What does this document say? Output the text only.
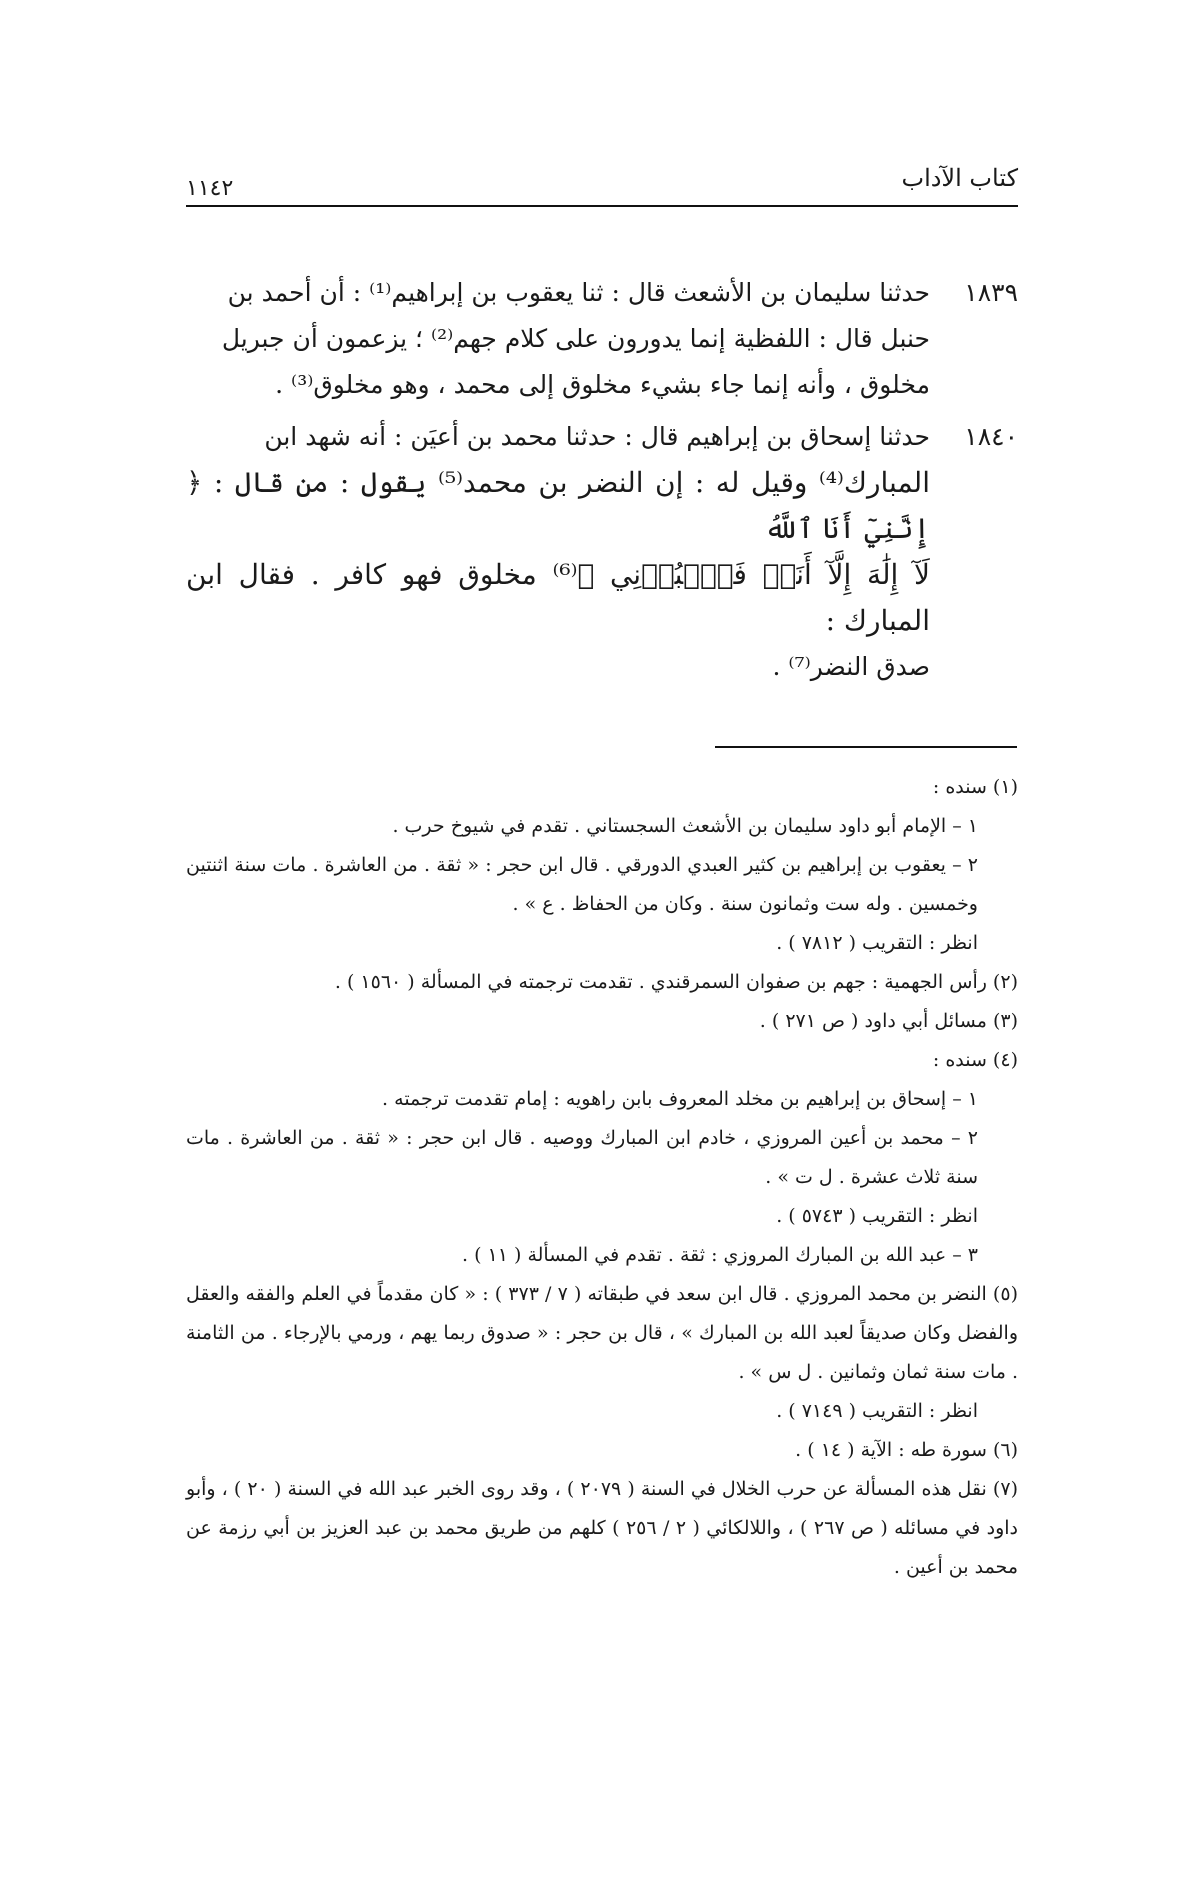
كتاب الآداب
١١٤٢
١٨٣٩
حدثنا سليمان بن الأشعث قال : ثنا يعقوب بن إبراهيم⁽¹⁾ : أن أحمد بن
حنبل قال : اللفظية إنما يدورون على كلام جهم⁽²⁾ ؛ يزعمون أن جبريل
مخلوق ، وأنه إنما جاء بشيء مخلوق إلى محمد ، وهو مخلوق⁽³⁾ .
١٨٤٠
حدثنا إسحاق بن إبراهيم قال : حدثنا محمد بن أعيَن : أنه شهد ابن
المبارك⁽⁴⁾ وقيل له : إن النضر بن محمد⁽⁵⁾ يقول : من قال : ﴿ إِنَّنِيٓ أَنَا ٱللَّهُ
لَآ إِلَٰهَ إِلَّآ أَنَا۠ فَٱعۡبُدۡنِي ﴾⁽⁶⁾ مخلوق فهو كافر . فقال ابن المبارك :
صدق النضر⁽⁷⁾ .
(١) سنده :
١ – الإمام أبو داود سليمان بن الأشعث السجستاني . تقدم في شيوخ حرب .
٢ – يعقوب بن إبراهيم بن كثير العبدي الدورقي . قال ابن حجر : « ثقة . من العاشرة . مات سنة اثنتين وخمسين . وله ست وثمانون سنة . وكان من الحفاظ . ع » .
انظر : التقريب ( ٧٨١٢ ) .
(٢) رأس الجهمية : جهم بن صفوان السمرقندي . تقدمت ترجمته في المسألة ( ١٥٦٠ ) .
(٣) مسائل أبي داود ( ص ٢٧١ ) .
(٤) سنده :
١ – إسحاق بن إبراهيم بن مخلد المعروف بابن راهويه : إمام تقدمت ترجمته .
٢ – محمد بن أعين المروزي ، خادم ابن المبارك ووصيه . قال ابن حجر : « ثقة . من العاشرة . مات سنة ثلاث عشرة . ل ت » .
انظر : التقريب ( ٥٧٤٣ ) .
٣ – عبد الله بن المبارك المروزي : ثقة . تقدم في المسألة ( ١١ ) .
(٥) النضر بن محمد المروزي . قال ابن سعد في طبقاته ( ٧ / ٣٧٣ ) : « كان مقدماً في العلم والفقه والعقل والفضل وكان صديقاً لعبد الله بن المبارك » ، قال بن حجر : « صدوق ربما يهم ، ورمي بالإرجاء . من الثامنة . مات سنة ثمان وثمانين . ل س » .
انظر : التقريب ( ٧١٤٩ ) .
(٦) سورة طه : الآية ( ١٤ ) .
(٧) نقل هذه المسألة عن حرب الخلال في السنة ( ٢٠٧٩ ) ، وقد روى الخبر عبد الله في السنة ( ٢٠ ) ، وأبو داود في مسائله ( ص ٢٦٧ ) ، واللالكائي ( ٢ / ٢٥٦ ) كلهم من طريق محمد بن عبد العزيز بن أبي رزمة عن محمد بن أعين .
